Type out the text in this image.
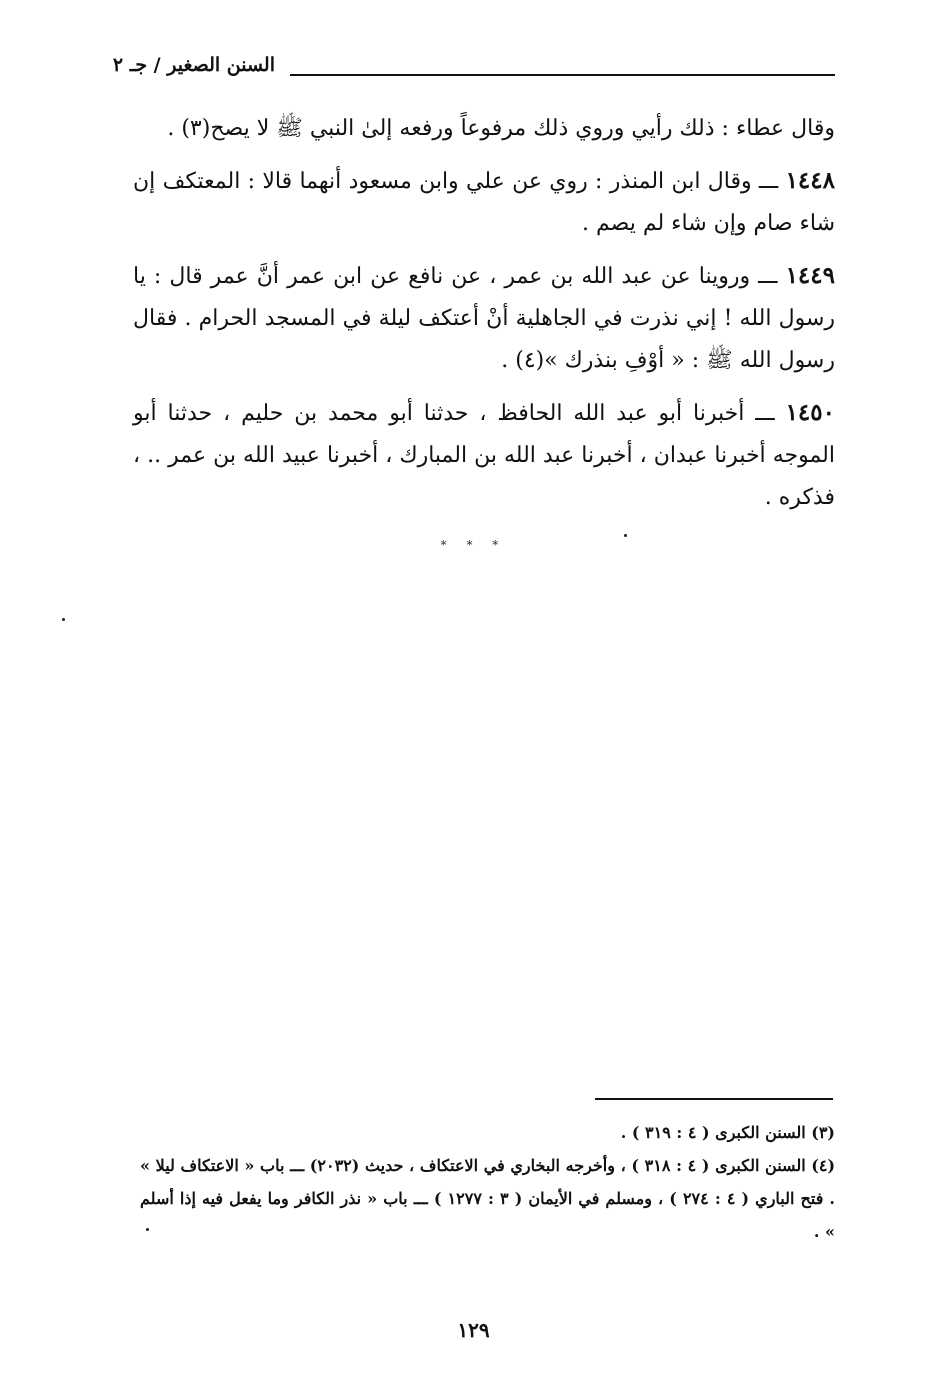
السنن الصغير / جـ ٢

وقال عطاء : ذلك رأيي وروي ذلك مرفوعاً ورفعه إلىٰ النبي ﷺ لا يصح(٣) .

١٤٤٨ ـــ وقال ابن المنذر : روي عن علي وابن مسعود أنهما قالا : المعتكف إن شاء صام وإن شاء لم يصم .

١٤٤٩ ـــ وروينا عن عبد الله بن عمر ، عن نافع عن ابن عمر أنَّ عمر قال : يا رسول الله ! إني نذرت في الجاهلية أنْ أعتكف ليلة في المسجد الحرام . فقال رسول الله ﷺ : « أوْفِ بنذرك »(٤) .

١٤٥٠ ـــ أخبرنا أبو عبد الله الحافظ ، حدثنا أبو محمد بن حليم ، حدثنا أبو الموجه أخبرنا عبدان ، أخبرنا عبد الله بن المبارك ، أخبرنا عبيد الله بن عمر .. ، فذكره .

* * *

(٣) السنن الكبرى ( ٤ : ٣١٩ ) .

(٤) السنن الكبرى ( ٤ : ٣١٨ ) ، وأخرجه البخاري في الاعتكاف ، حديث (٢٠٣٢) ـــ باب « الاعتكاف ليلا » . فتح الباري ( ٤ : ٢٧٤ ) ، ومسلم في الأيمان ( ٣ : ١٢٧٧ ) ـــ باب « نذر الكافر وما يفعل فيه إذا أسلم » .

١٢٩
